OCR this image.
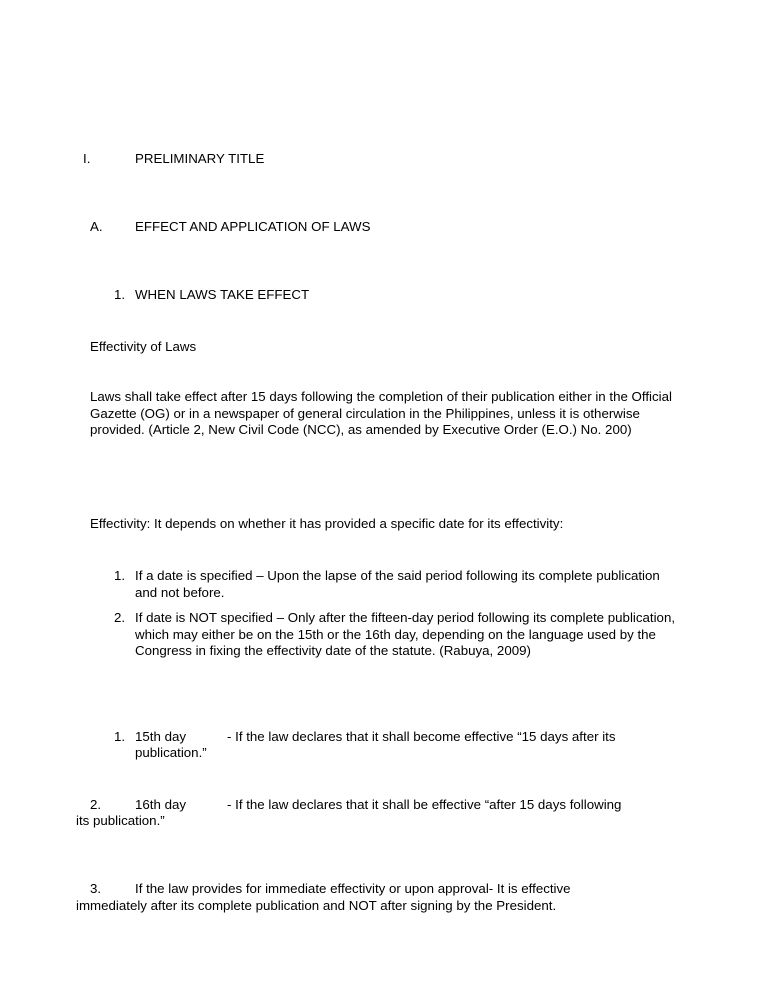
I.	PRELIMINARY TITLE
A. EFFECT AND APPLICATION OF LAWS
1. WHEN LAWS TAKE EFFECT
Effectivity of Laws
Laws shall take effect after 15 days following the completion of their publication either in the Official Gazette (OG) or in a newspaper of general circulation in the Philippines, unless it is otherwise provided. (Article 2, New Civil Code (NCC), as amended by Executive Order (E.O.) No. 200)
Effectivity: It depends on whether it has provided a specific date for its effectivity:
1. If a date is specified – Upon the lapse of the said period following its complete publication and not before.
2. If date is NOT specified – Only after the fifteen-day period following its complete publication, which may either be on the 15th or the 16th day, depending on the language used by the Congress in fixing the effectivity date of the statute. (Rabuya, 2009)
1. 15th day	- If the law declares that it shall become effective “15 days after its
publication.”
2.	16th day	- If the law declares that it shall be effective “after 15 days following
its publication.”
3.	If the law provides for immediate effectivity or upon approval- It is effective
immediately after its complete publication and NOT after signing by the President.
